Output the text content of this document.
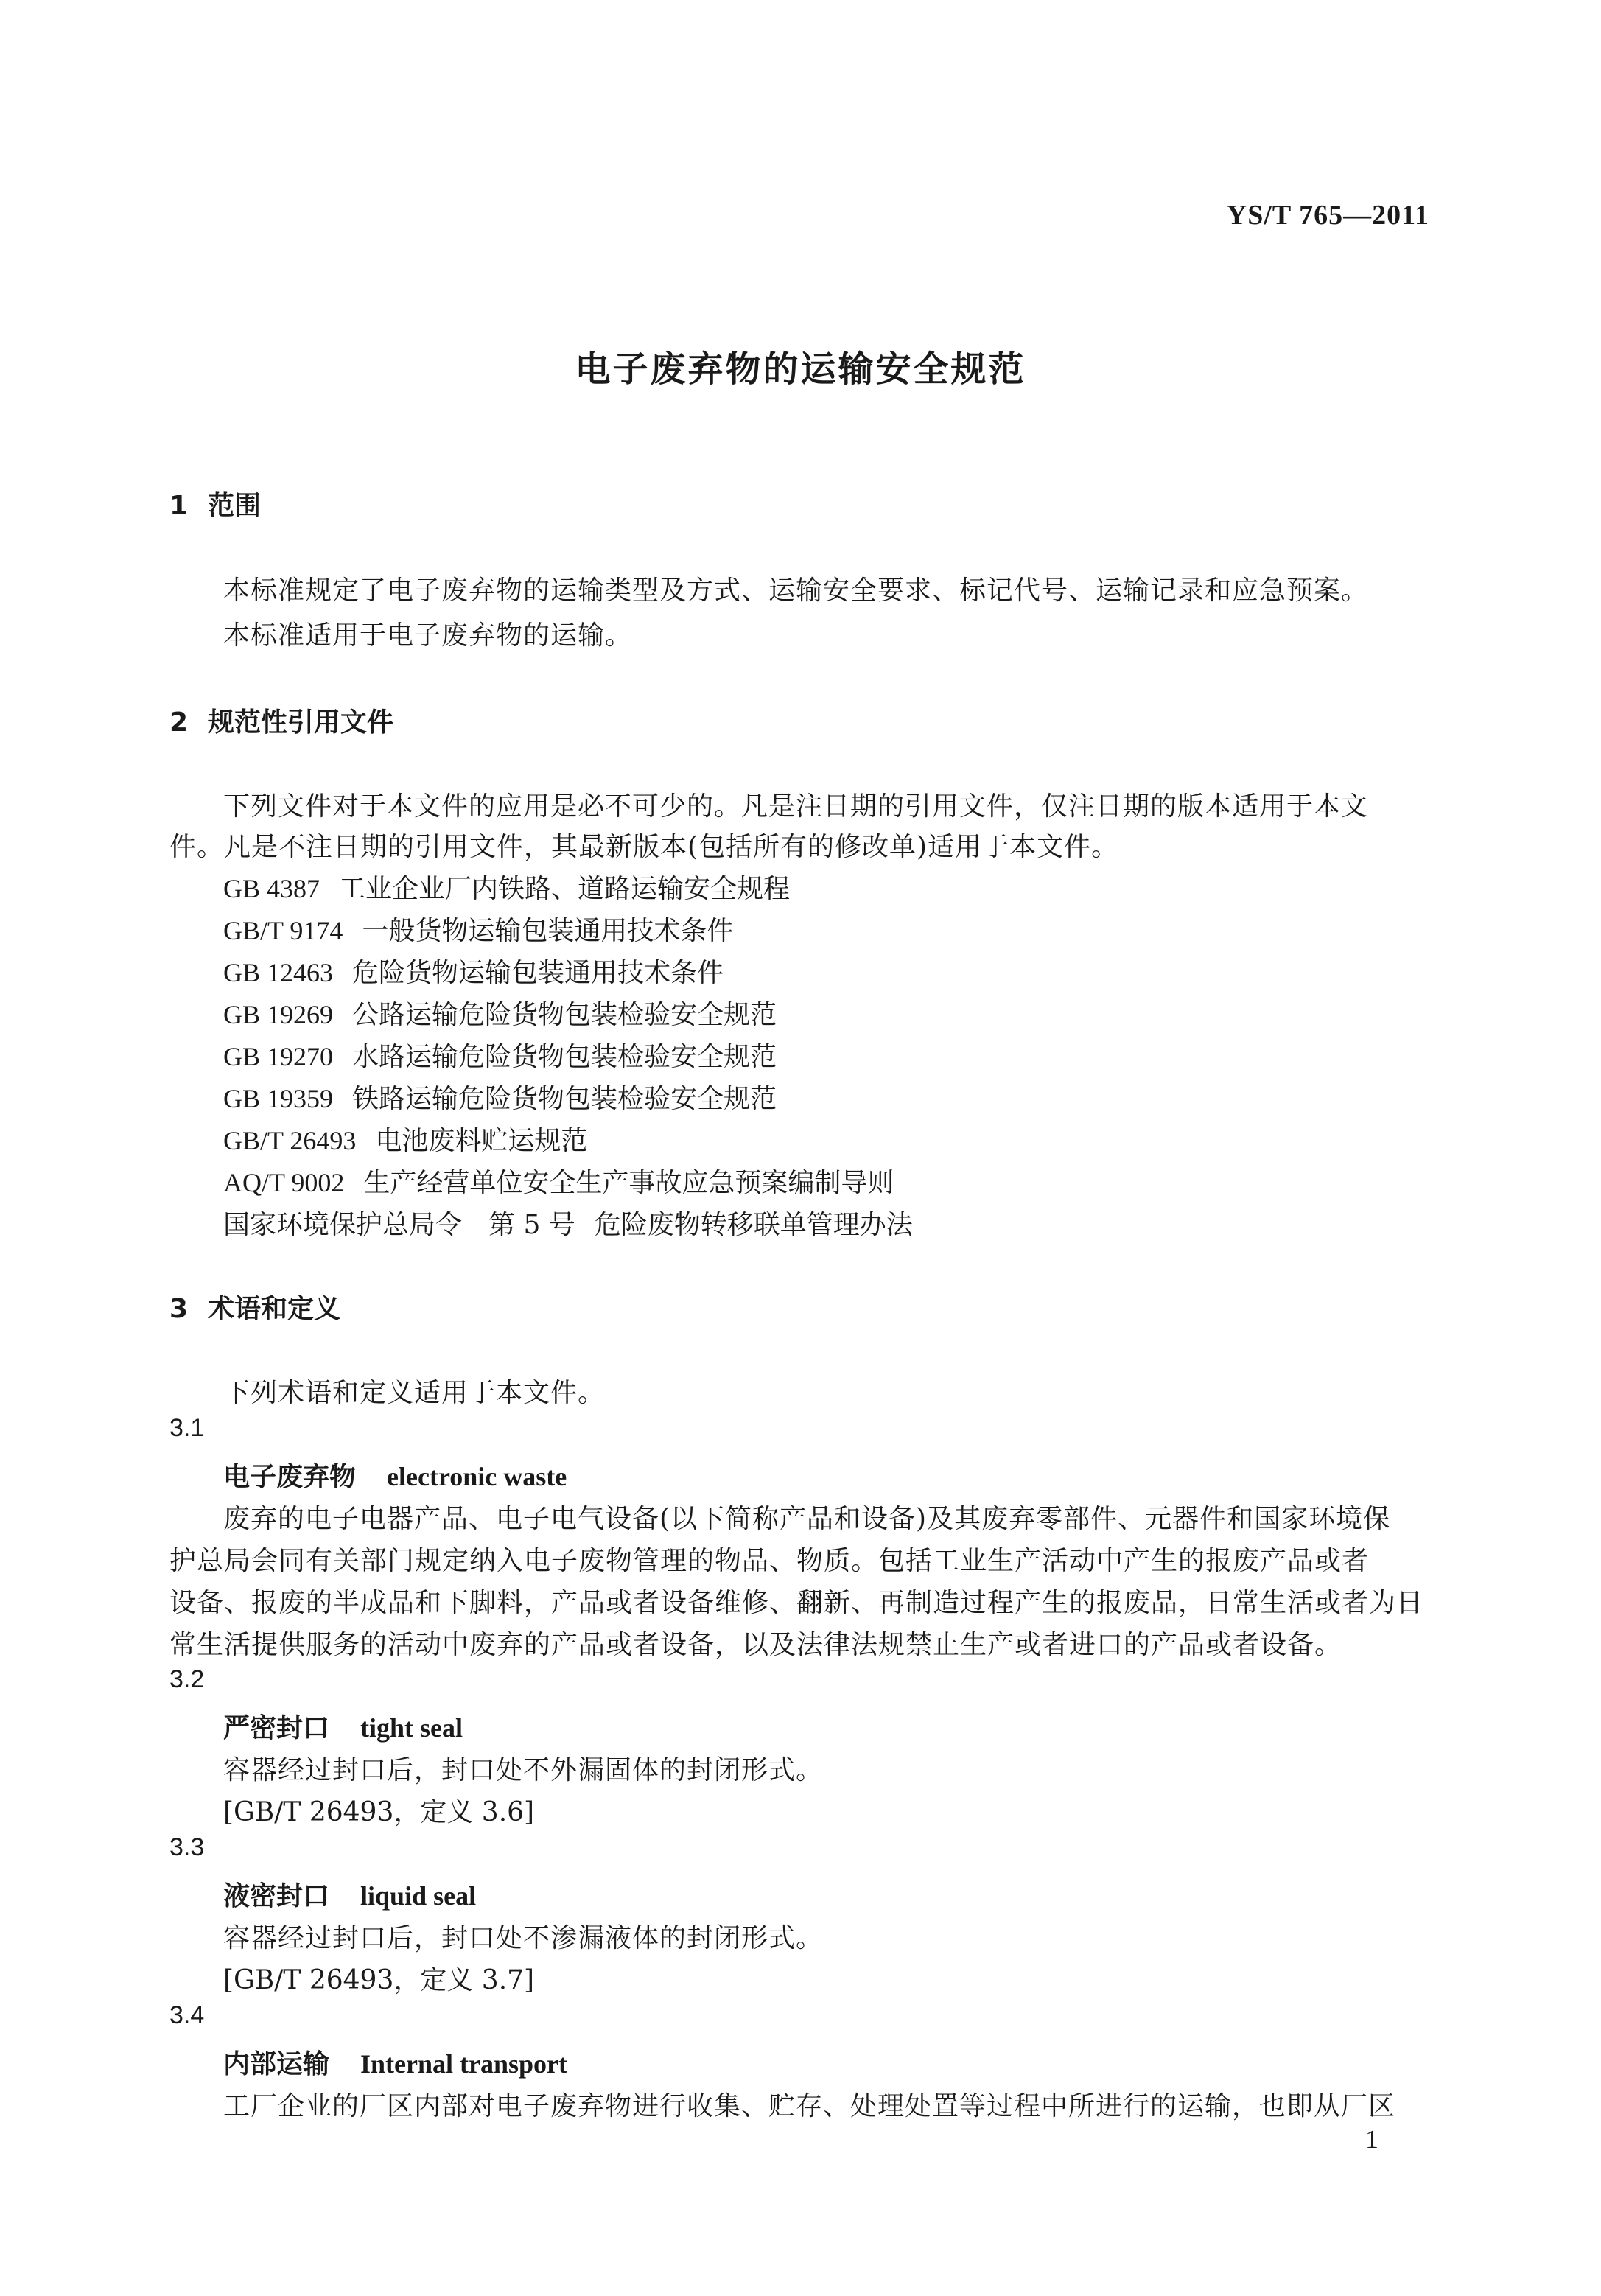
YS/T 765—2011
电子废弃物的运输安全规范
1 范围
本标准规定了电子废弃物的运输类型及方式、运输安全要求、标记代号、运输记录和应急预案。
本标准适用于电子废弃物的运输。
2 规范性引用文件
下列文件对于本文件的应用是必不可少的。凡是注日期的引用文件，仅注日期的版本适用于本文
件。凡是不注日期的引用文件，其最新版本(包括所有的修改单)适用于本文件。
GB 4387 工业企业厂内铁路、道路运输安全规程
GB/T 9174 一般货物运输包装通用技术条件
GB 12463 危险货物运输包装通用技术条件
GB 19269 公路运输危险货物包装检验安全规范
GB 19270 水路运输危险货物包装检验安全规范
GB 19359 铁路运输危险货物包装检验安全规范
GB/T 26493 电池废料贮运规范
AQ/T 9002 生产经营单位安全生产事故应急预案编制导则
国家环境保护总局令　第 5 号 危险废物转移联单管理办法
3 术语和定义
下列术语和定义适用于本文件。
3.1
电子废弃物 electronic waste
废弃的电子电器产品、电子电气设备(以下简称产品和设备)及其废弃零部件、元器件和国家环境保
护总局会同有关部门规定纳入电子废物管理的物品、物质。包括工业生产活动中产生的报废产品或者
设备、报废的半成品和下脚料，产品或者设备维修、翻新、再制造过程产生的报废品，日常生活或者为日
常生活提供服务的活动中废弃的产品或者设备，以及法律法规禁止生产或者进口的产品或者设备。
3.2
严密封口 tight seal
容器经过封口后，封口处不外漏固体的封闭形式。
[GB/T 26493，定义 3.6]
3.3
液密封口 liquid seal
容器经过封口后，封口处不渗漏液体的封闭形式。
[GB/T 26493，定义 3.7]
3.4
内部运输 Internal transport
工厂企业的厂区内部对电子废弃物进行收集、贮存、处理处置等过程中所进行的运输，也即从厂区
1
